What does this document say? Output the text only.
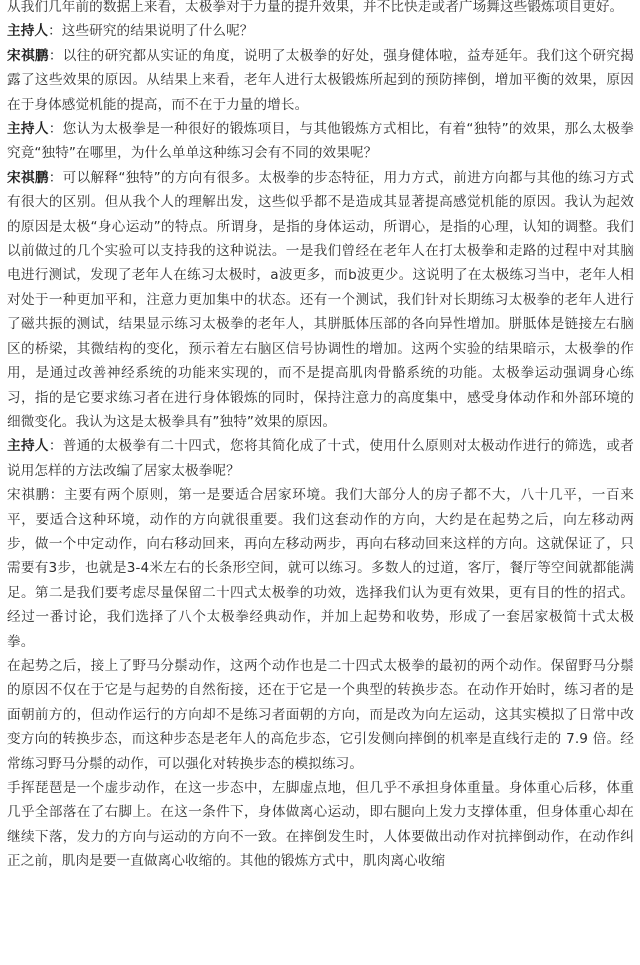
从我们几年前的数据上来看，太极拳对于力量的提升效果，并不比快走或者广场舞这些锻炼项目更好。

主持人：这些研究的结果说明了什么呢？

宋祺鹏：以往的研究都从实证的角度，说明了太极拳的好处，强身健体啦，益寿延年。我们这个研究揭露了这些效果的原因。从结果上来看，老年人进行太极锻炼所起到的预防摔倒，增加平衡的效果，原因在于身体感觉机能的提高，而不在于力量的增长。

主持人：您认为太极拳是一种很好的锻炼项目，与其他锻炼方式相比，有着“独特”的效果，那么太极拳究竟“独特”在哪里，为什么单单这种练习会有不同的效果呢？

宋祺鹏：可以解释“独特”的方向有很多。太极拳的步态特征，用力方式，前进方向都与其他的练习方式有很大的区别。但从我个人的理解出发，这些似乎都不是造成其显著提高感觉机能的原因。我认为起效的原因是太极“身心运动”的特点。所谓身，是指的身体运动，所谓心，是指的心理，认知的调整。我们以前做过的几个实验可以支持我的这种说法。一是我们曾经在老年人在打太极拳和走路的过程中对其脑电进行测试，发现了老年人在练习太极时，a波更多，而b波更少。这说明了在太极练习当中，老年人相对处于一种更加平和，注意力更加集中的状态。还有一个测试，我们针对长期练习太极拳的老年人进行了磁共振的测试，结果显示练习太极拳的老年人，其胼胝体压部的各向异性增加。胼胝体是链接左右脑区的桥梁，其微结构的变化，预示着左右脑区信号协调性的增加。这两个实验的结果暗示，太极拳的作用，是通过改善神经系统的功能来实现的，而不是提高肌肉骨骼系统的功能。太极拳运动强调身心练习，指的是它要求练习者在进行身体锻炼的同时，保持注意力的高度集中，感受身体动作和外部环境的细微变化。我认为这是太极拳具有”独特”效果的原因。

主持人：普通的太极拳有二十四式，您将其简化成了十式，使用什么原则对太极动作进行的筛选，或者说用怎样的方法改编了居家太极拳呢？

宋祺鹏：主要有两个原则，第一是要适合居家环境。我们大部分人的房子都不大，八十几平，一百来平，要适合这种环境，动作的方向就很重要。我们这套动作的方向，大约是在起势之后，向左移动两步，做一个中定动作，向右移动回来，再向左移动两步，再向右移动回来这样的方向。这就保证了，只需要有3步，也就是3-4米左右的长条形空间，就可以练习。多数人的过道，客厅，餐厅等空间就都能满足。第二是我们要考虑尽量保留二十四式太极拳的功效，选择我们认为更有效果，更有目的性的招式。经过一番讨论，我们选择了八个太极拳经典动作，并加上起势和收势，形成了一套居家极简十式太极拳。

在起势之后，接上了野马分鬃动作，这两个动作也是二十四式太极拳的最初的两个动作。保留野马分鬃的原因不仅在于它是与起势的自然衔接，还在于它是一个典型的转换步态。在动作开始时，练习者的是面朝前方的，但动作运行的方向却不是练习者面朝的方向，而是改为向左运动，这其实模拟了日常中改变方向的转换步态，而这种步态是老年人的高危步态，它引发侧向摔倒的机率是直线行走的 7.9 倍。经常练习野马分鬃的动作，可以强化对转换步态的模拟练习。

手挥琵琶是一个虚步动作，在这一步态中，左脚虚点地，但几乎不承担身体重量。身体重心后移，体重几乎全部落在了右脚上。在这一条件下，身体做离心运动，即右腿向上发力支撑体重，但身体重心却在继续下落，发力的方向与运动的方向不一致。在摔倒发生时，人体要做出动作对抗摔倒动作，在动作纠正之前，肌肉是要一直做离心收缩的。其他的锻炼方式中，肌肉离心收缩
